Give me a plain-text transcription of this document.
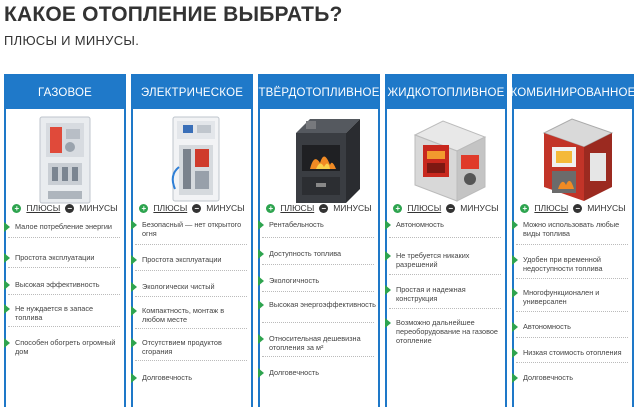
КАКОЕ ОТОПЛЕНИЕ ВЫБРАТЬ?
ПЛЮСЫ И МИНУСЫ.
ГАЗОВОЕ
+ ПЛЮСЫ − МИНУСЫ
Малое потребление энергии
Простота эксплуатации
Высокая эффективность
Не нуждается в запасе топлива
Способен обогреть огромный дом
ЭЛЕКТРИЧЕСКОЕ
+ ПЛЮСЫ − МИНУСЫ
Безопасный — нет открытого огня
Простота эксплуатации
Экологически чистый
Компактность, монтаж в любом месте
Отсутствием продуктов сгорания
Долговечность
ТВЁРДОТОПЛИВНОЕ
+ ПЛЮСЫ − МИНУСЫ
Рентабельность
Доступность топлива
Экологичность
Высокая энергоэффективность
Относительная дешевизна отопления за м²
Долговечность
ЖИДКОТОПЛИВНОЕ
+ ПЛЮСЫ − МИНУСЫ
Автономность
Не требуется никаких разрешений
Простая и надежная конструкция
Возможно дальнейшее переоборудование на газовое отопление
КОМБИНИРОВАННОЕ
+ ПЛЮСЫ − МИНУСЫ
Можно использовать любые виды топлива
Удобен при временной недоступности топлива
Многофункционален и универсален
Автономность
Низкая стоимость отопления
Долговечность
